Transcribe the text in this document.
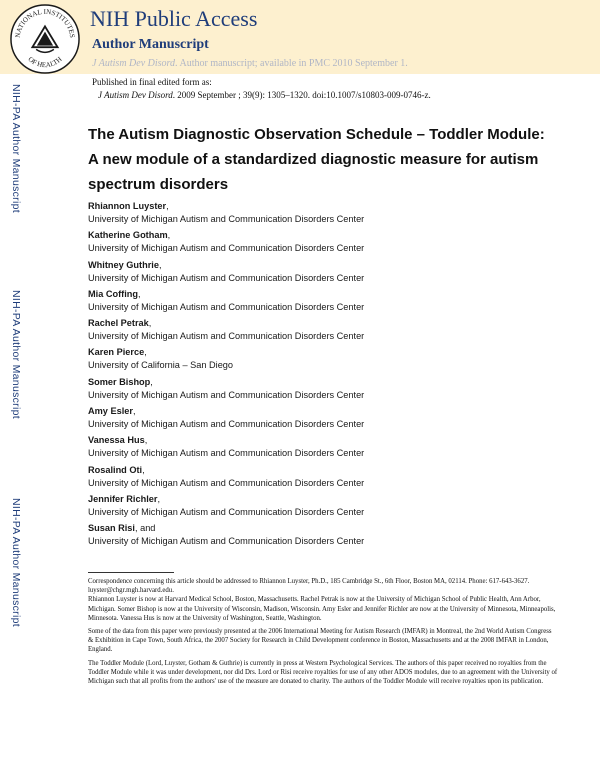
NATIONAL INSTITUTES
OF HEALTH
NIH Public Access
Author Manuscript
J Autism Dev Disord. Author manuscript; available in PMC 2010 September 1.
Published in final edited form as:
J Autism Dev Disord. 2009 September ; 39(9): 1305–1320. doi:10.1007/s10803-009-0746-z.
NIH-PA Author Manuscript
NIH-PA Author Manuscript
NIH-PA Author Manuscript
The Autism Diagnostic Observation Schedule – Toddler Module: A new module of a standardized diagnostic measure for autism spectrum disorders
Rhiannon Luyster,
University of Michigan Autism and Communication Disorders Center
Katherine Gotham,
University of Michigan Autism and Communication Disorders Center
Whitney Guthrie,
University of Michigan Autism and Communication Disorders Center
Mia Coffing,
University of Michigan Autism and Communication Disorders Center
Rachel Petrak,
University of Michigan Autism and Communication Disorders Center
Karen Pierce,
University of California – San Diego
Somer Bishop,
University of Michigan Autism and Communication Disorders Center
Amy Esler,
University of Michigan Autism and Communication Disorders Center
Vanessa Hus,
University of Michigan Autism and Communication Disorders Center
Rosalind Oti,
University of Michigan Autism and Communication Disorders Center
Jennifer Richler,
University of Michigan Autism and Communication Disorders Center
Susan Risi, and
University of Michigan Autism and Communication Disorders Center

Correspondence concerning this article should be addressed to Rhiannon Luyster, Ph.D., 185 Cambridge St., 6th Floor, Boston MA, 02114. Phone: 617-643-3627. luyster@chgr.mgh.harvard.edu.
Rhiannon Luyster is now at Harvard Medical School, Boston, Massachusetts. Rachel Petrak is now at the University of Michigan School of Public Health, Ann Arbor, Michigan. Somer Bishop is now at the University of Wisconsin, Madison, Wisconsin. Amy Esler and Jennifer Richler are now at the University of Minnesota, Minneapolis, Minnesota. Vanessa Hus is now at the University of Washington, Seattle, Washington.

Some of the data from this paper were previously presented at the 2006 International Meeting for Autism Research (IMFAR) in Montreal, the 2nd World Autism Congress & Exhibition in Cape Town, South Africa, the 2007 Society for Research in Child Development conference in Boston, Massachusetts and at the 2008 IMFAR in London, England.

The Toddler Module (Lord, Luyster, Gotham & Guthrie) is currently in press at Western Psychological Services. The authors of this paper received no royalties from the Toddler Module while it was under development, nor did Drs. Lord or Risi receive royalties for use of any other ADOS modules, due to an agreement with the University of Michigan such that all profits from the authors' use of the measure are donated to charity. The authors of the Toddler Module will receive royalties upon its publication.
